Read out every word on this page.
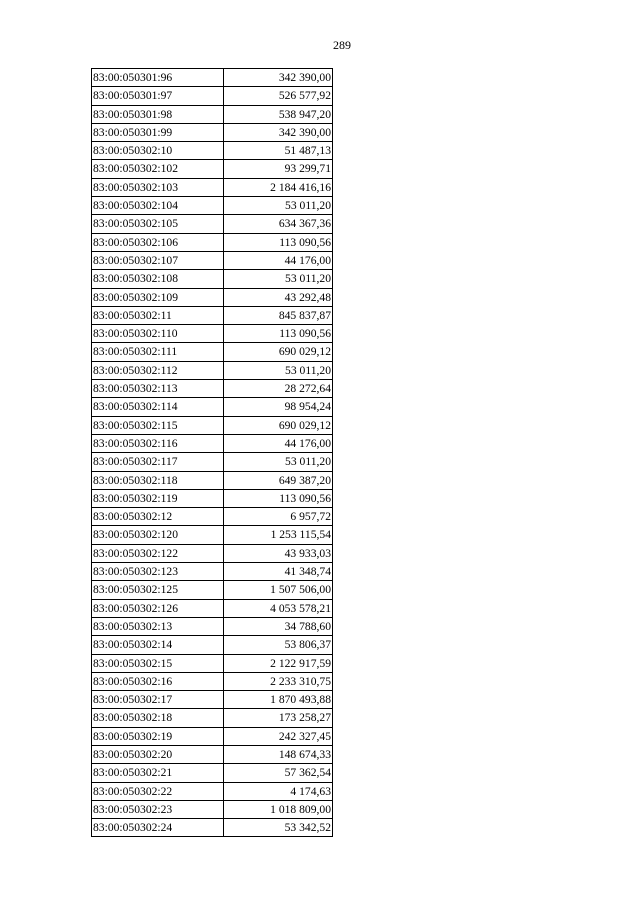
289
83:00:050301:96	342 390,00
83:00:050301:97	526 577,92
83:00:050301:98	538 947,20
83:00:050301:99	342 390,00
83:00:050302:10	51 487,13
83:00:050302:102	93 299,71
83:00:050302:103	2 184 416,16
83:00:050302:104	53 011,20
83:00:050302:105	634 367,36
83:00:050302:106	113 090,56
83:00:050302:107	44 176,00
83:00:050302:108	53 011,20
83:00:050302:109	43 292,48
83:00:050302:11	845 837,87
83:00:050302:110	113 090,56
83:00:050302:111	690 029,12
83:00:050302:112	53 011,20
83:00:050302:113	28 272,64
83:00:050302:114	98 954,24
83:00:050302:115	690 029,12
83:00:050302:116	44 176,00
83:00:050302:117	53 011,20
83:00:050302:118	649 387,20
83:00:050302:119	113 090,56
83:00:050302:12	6 957,72
83:00:050302:120	1 253 115,54
83:00:050302:122	43 933,03
83:00:050302:123	41 348,74
83:00:050302:125	1 507 506,00
83:00:050302:126	4 053 578,21
83:00:050302:13	34 788,60
83:00:050302:14	53 806,37
83:00:050302:15	2 122 917,59
83:00:050302:16	2 233 310,75
83:00:050302:17	1 870 493,88
83:00:050302:18	173 258,27
83:00:050302:19	242 327,45
83:00:050302:20	148 674,33
83:00:050302:21	57 362,54
83:00:050302:22	4 174,63
83:00:050302:23	1 018 809,00
83:00:050302:24	53 342,52
